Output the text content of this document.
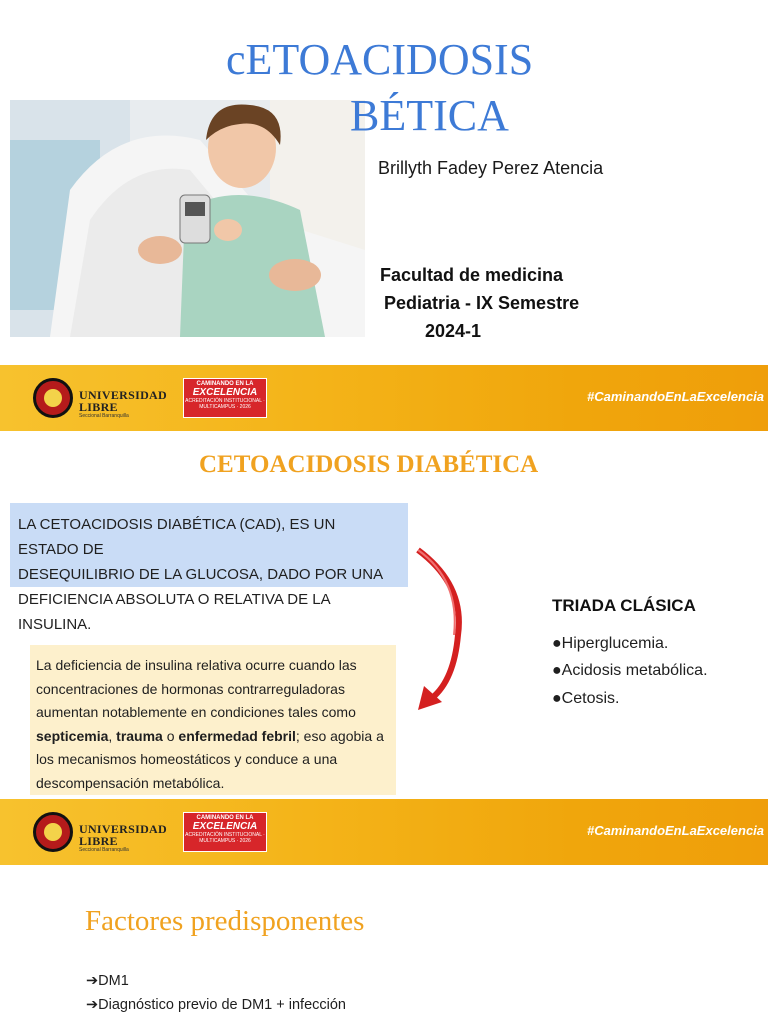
cETOACIDOSIS
BÉTICA
Brillyth Fadey Perez Atencia
Facultad de medicina
Pediatria - IX Semestre
2024-1
UNIVERSIDAD
LIBRE
Seccional Barranquilla
CAMINANDO EN LA
EXCELENCIA
ACREDITACIÓN INSTITUCIONAL · MULTICAMPUS · 2026
#CaminandoEnLaExcelencia
CETOACIDOSIS DIABÉTICA
LA CETOACIDOSIS DIABÉTICA (CAD), ES UN ESTADO DE
DESEQUILIBRIO DE LA GLUCOSA, DADO POR UNA
DEFICIENCIA ABSOLUTA O RELATIVA DE LA INSULINA.
La deficiencia de insulina relativa ocurre cuando las
concentraciones de hormonas contrarreguladoras
aumentan notablemente en condiciones tales como
septicemia, trauma o enfermedad febril; eso agobia a
los mecanismos homeostáticos y conduce a una
descompensación metabólica.
TRIADA CLÁSICA
●Hiperglucemia.
●Acidosis metabólica.
●Cetosis.
UNIVERSIDAD
LIBRE
Seccional Barranquilla
CAMINANDO EN LA
EXCELENCIA
ACREDITACIÓN INSTITUCIONAL · MULTICAMPUS · 2026
#CaminandoEnLaExcelencia
Factores predisponentes
➔DM1
➔Diagnóstico previo de DM1 + infección
